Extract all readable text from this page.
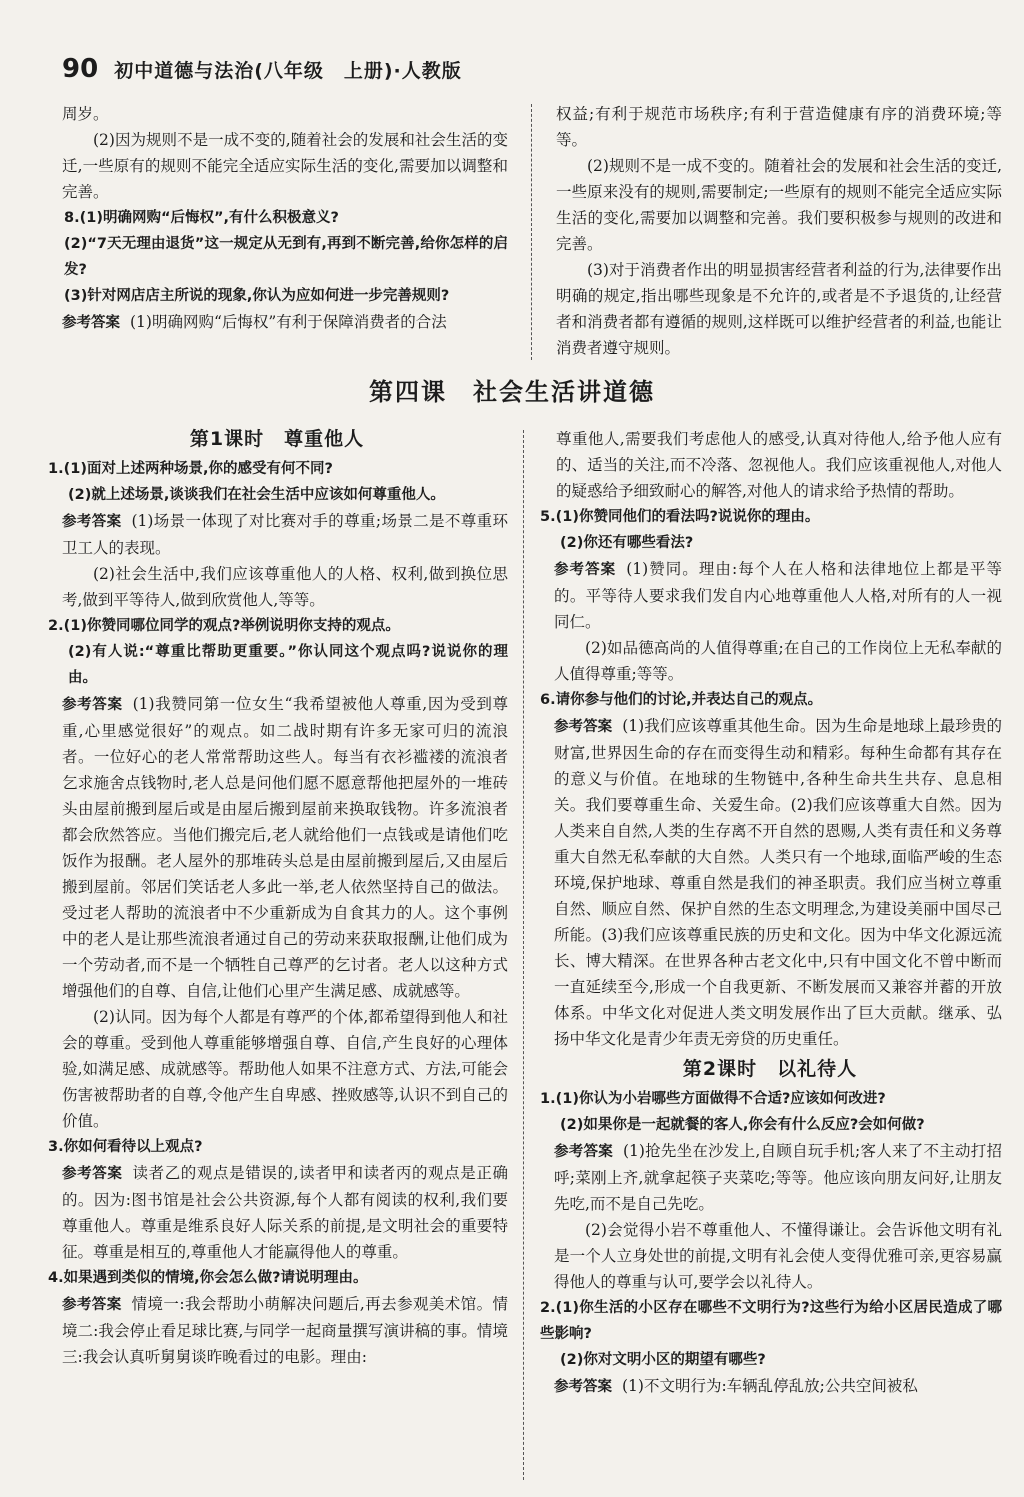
90 初中道德与法治(八年级　上册)·人教版

周岁。

(2)因为规则不是一成不变的,随着社会的发展和社会生活的变迁,一些原有的规则不能完全适应实际生活的变化,需要加以调整和完善。

8.(1)明确网购“后悔权”,有什么积极意义?

(2)“7天无理由退货”这一规定从无到有,再到不断完善,给你怎样的启发?

(3)针对网店店主所说的现象,你认为应如何进一步完善规则?

参考答案 (1)明确网购“后悔权”有利于保障消费者的合法

权益;有利于规范市场秩序;有利于营造健康有序的消费环境;等等。

(2)规则不是一成不变的。随着社会的发展和社会生活的变迁,一些原来没有的规则,需要制定;一些原有的规则不能完全适应实际生活的变化,需要加以调整和完善。我们要积极参与规则的改进和完善。

(3)对于消费者作出的明显损害经营者利益的行为,法律要作出明确的规定,指出哪些现象是不允许的,或者是不予退货的,让经营者和消费者都有遵循的规则,这样既可以维护经营者的利益,也能让消费者遵守规则。

第四课　社会生活讲道德

第1课时　尊重他人

1.(1)面对上述两种场景,你的感受有何不同?

(2)就上述场景,谈谈我们在社会生活中应该如何尊重他人。

参考答案 (1)场景一体现了对比赛对手的尊重;场景二是不尊重环卫工人的表现。

(2)社会生活中,我们应该尊重他人的人格、权利,做到换位思考,做到平等待人,做到欣赏他人,等等。

2.(1)你赞同哪位同学的观点?举例说明你支持的观点。

(2)有人说:“尊重比帮助更重要。”你认同这个观点吗?说说你的理由。

参考答案 (1)我赞同第一位女生“我希望被他人尊重,因为受到尊重,心里感觉很好”的观点。如二战时期有许多无家可归的流浪者。一位好心的老人常常帮助这些人。每当有衣衫褴褛的流浪者乞求施舍点钱物时,老人总是问他们愿不愿意帮他把屋外的一堆砖头由屋前搬到屋后或是由屋后搬到屋前来换取钱物。许多流浪者都会欣然答应。当他们搬完后,老人就给他们一点钱或是请他们吃饭作为报酬。老人屋外的那堆砖头总是由屋前搬到屋后,又由屋后搬到屋前。邻居们笑话老人多此一举,老人依然坚持自己的做法。受过老人帮助的流浪者中不少重新成为自食其力的人。这个事例中的老人是让那些流浪者通过自己的劳动来获取报酬,让他们成为一个劳动者,而不是一个牺牲自己尊严的乞讨者。老人以这种方式增强他们的自尊、自信,让他们心里产生满足感、成就感等。

(2)认同。因为每个人都是有尊严的个体,都希望得到他人和社会的尊重。受到他人尊重能够增强自尊、自信,产生良好的心理体验,如满足感、成就感等。帮助他人如果不注意方式、方法,可能会伤害被帮助者的自尊,令他产生自卑感、挫败感等,认识不到自己的价值。

3.你如何看待以上观点?

参考答案 读者乙的观点是错误的,读者甲和读者丙的观点是正确的。因为:图书馆是社会公共资源,每个人都有阅读的权利,我们要尊重他人。尊重是维系良好人际关系的前提,是文明社会的重要特征。尊重是相互的,尊重他人才能赢得他人的尊重。

4.如果遇到类似的情境,你会怎么做?请说明理由。

参考答案 情境一:我会帮助小萌解决问题后,再去参观美术馆。情境二:我会停止看足球比赛,与同学一起商量撰写演讲稿的事。情境三:我会认真听舅舅谈昨晚看过的电影。理由:

尊重他人,需要我们考虑他人的感受,认真对待他人,给予他人应有的、适当的关注,而不冷落、忽视他人。我们应该重视他人,对他人的疑惑给予细致耐心的解答,对他人的请求给予热情的帮助。

5.(1)你赞同他们的看法吗?说说你的理由。

(2)你还有哪些看法?

参考答案 (1)赞同。理由:每个人在人格和法律地位上都是平等的。平等待人要求我们发自内心地尊重他人人格,对所有的人一视同仁。

(2)如品德高尚的人值得尊重;在自己的工作岗位上无私奉献的人值得尊重;等等。

6.请你参与他们的讨论,并表达自己的观点。

参考答案 (1)我们应该尊重其他生命。因为生命是地球上最珍贵的财富,世界因生命的存在而变得生动和精彩。每种生命都有其存在的意义与价值。在地球的生物链中,各种生命共生共存、息息相关。我们要尊重生命、关爱生命。(2)我们应该尊重大自然。因为人类来自自然,人类的生存离不开自然的恩赐,人类有责任和义务尊重大自然无私奉献的大自然。人类只有一个地球,面临严峻的生态环境,保护地球、尊重自然是我们的神圣职责。我们应当树立尊重自然、顺应自然、保护自然的生态文明理念,为建设美丽中国尽己所能。(3)我们应该尊重民族的历史和文化。因为中华文化源远流长、博大精深。在世界各种古老文化中,只有中国文化不曾中断而一直延续至今,形成一个自我更新、不断发展而又兼容并蓄的开放体系。中华文化对促进人类文明发展作出了巨大贡献。继承、弘扬中华文化是青少年责无旁贷的历史重任。

第2课时　以礼待人

1.(1)你认为小岩哪些方面做得不合适?应该如何改进?

(2)如果你是一起就餐的客人,你会有什么反应?会如何做?

参考答案 (1)抢先坐在沙发上,自顾自玩手机;客人来了不主动打招呼;菜刚上齐,就拿起筷子夹菜吃;等等。他应该向朋友问好,让朋友先吃,而不是自己先吃。

(2)会觉得小岩不尊重他人、不懂得谦让。会告诉他文明有礼是一个人立身处世的前提,文明有礼会使人变得优雅可亲,更容易赢得他人的尊重与认可,要学会以礼待人。

2.(1)你生活的小区存在哪些不文明行为?这些行为给小区居民造成了哪些影响?

(2)你对文明小区的期望有哪些?

参考答案 (1)不文明行为:车辆乱停乱放;公共空间被私
